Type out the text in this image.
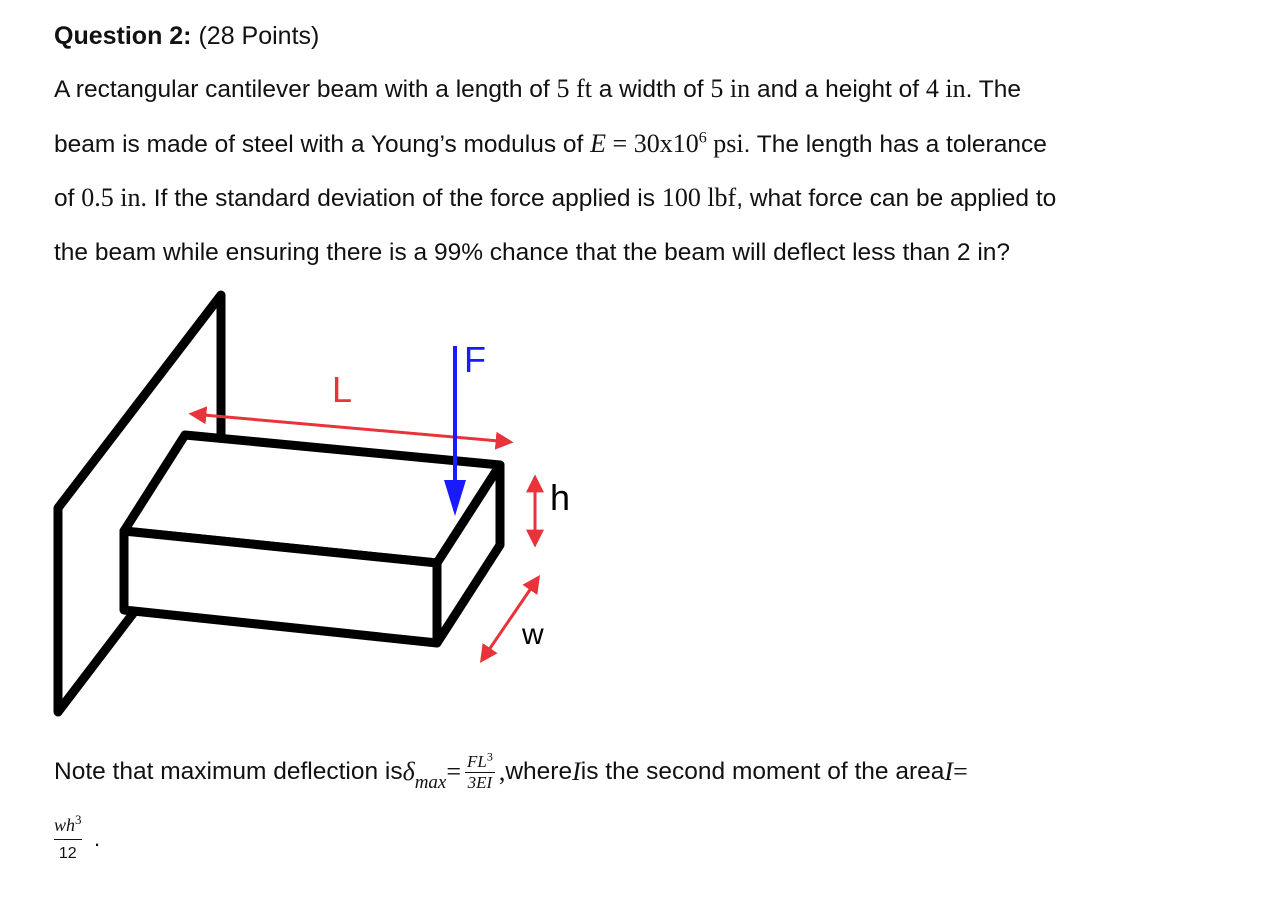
Question 2: (28 Points)
A rectangular cantilever beam with a length of 5 ft a width of 5 in and a height of 4 in. The
beam is made of steel with a Young’s modulus of $E = 30x10^6$ psi. The length has a tolerance
of 0.5 in. If the standard deviation of the force applied is 100 lbf, what force can be applied to
the beam while ensuring there is a 99% chance that the beam will deflect less than 2 in?
L
F
h
w
Note that maximum deflection is $\delta_{max} = \frac{FL^3}{3EI}$ , where I is the second moment of the area I =
$wh^3$
12
.
